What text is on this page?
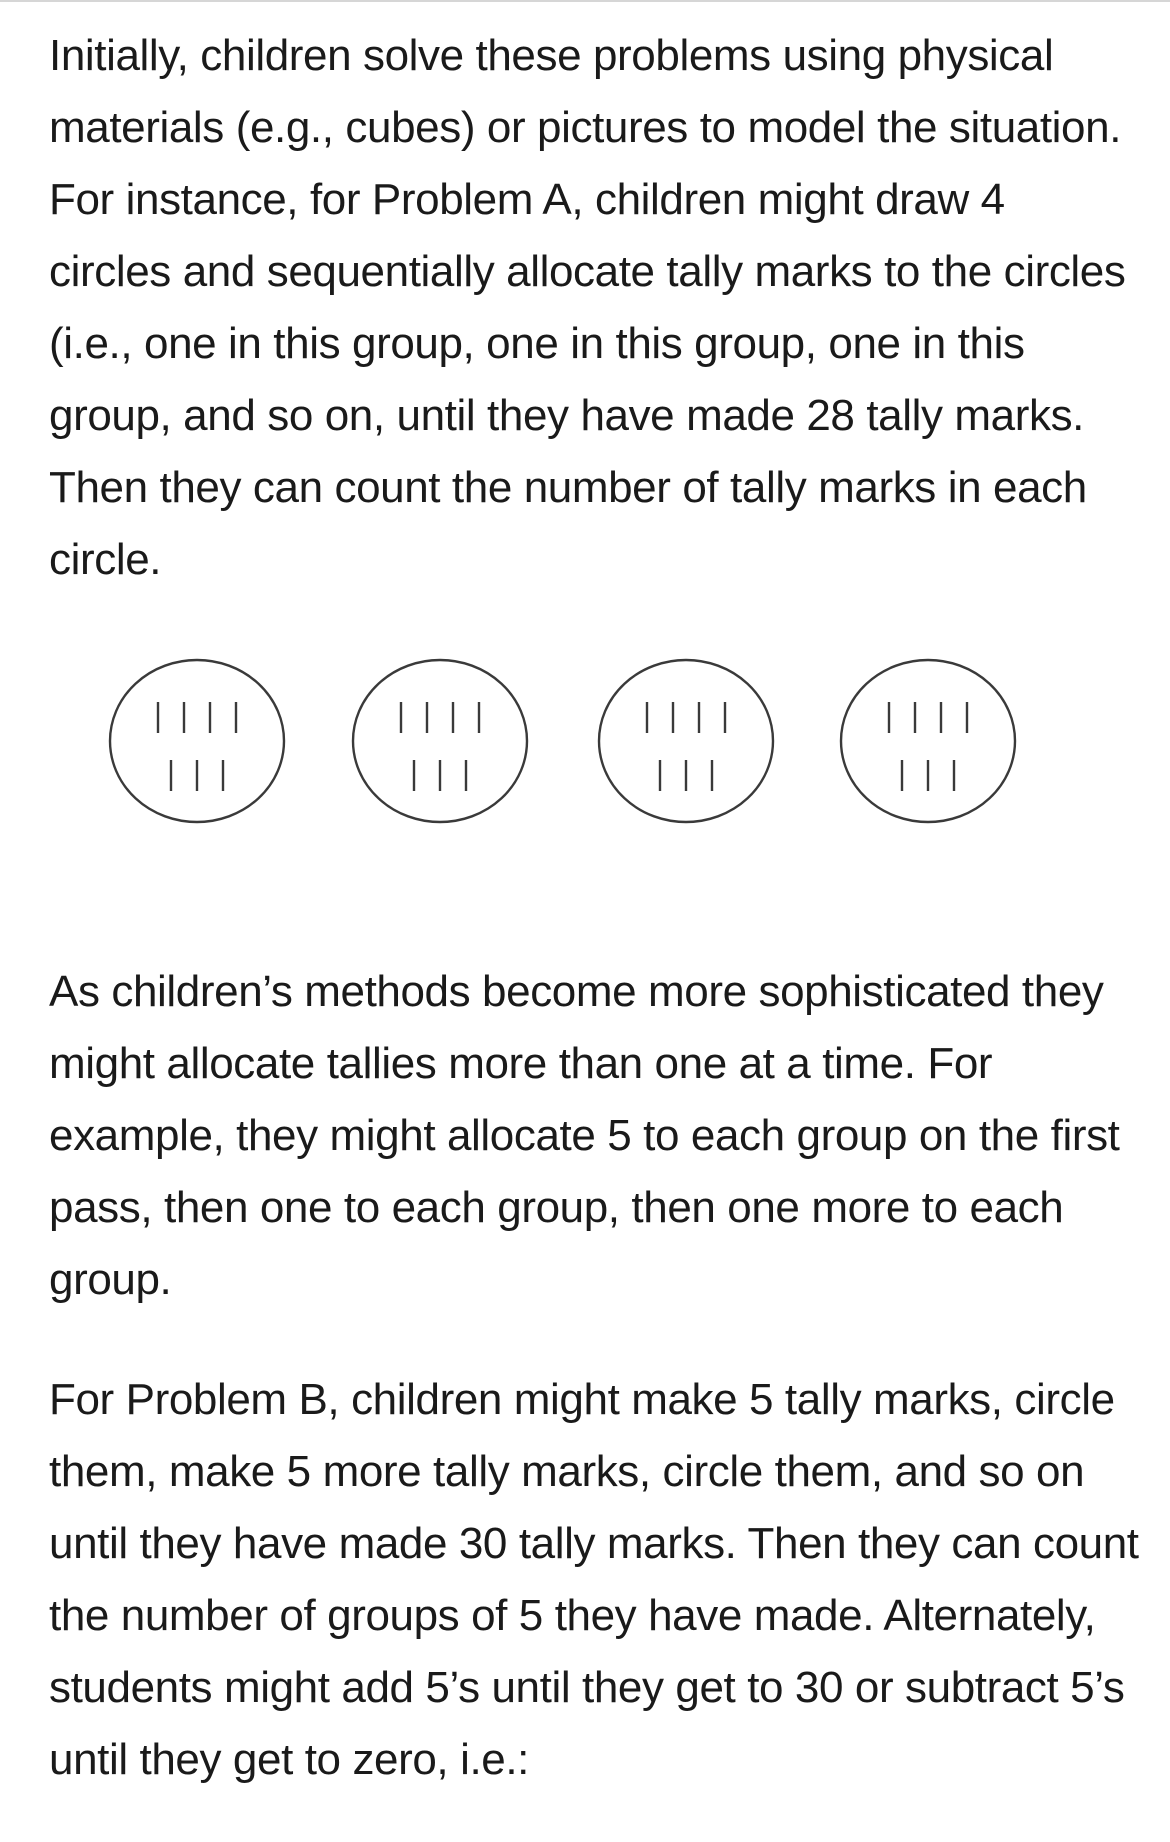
Initially, children solve these problems using physical materials (e.g., cubes) or pictures to model the situation. For instance, for Problem A, children might draw 4 circles and sequentially allocate tally marks to the circles (i.e., one in this group, one in this group, one in this group, and so on, until they have made 28 tally marks. Then they can count the number of tally marks in each circle.

As children’s methods become more sophisticated they might allocate tallies more than one at a time. For example, they might allocate 5 to each group on the first pass, then one to each group, then one more to each group.

For Problem B, children might make 5 tally marks, circle them, make 5 more tally marks, circle them, and so on until they have made 30 tally marks. Then they can count the number of groups of 5 they have made. Alternately, students might add 5’s until they get to 30 or subtract 5’s until they get to zero, i.e.:
